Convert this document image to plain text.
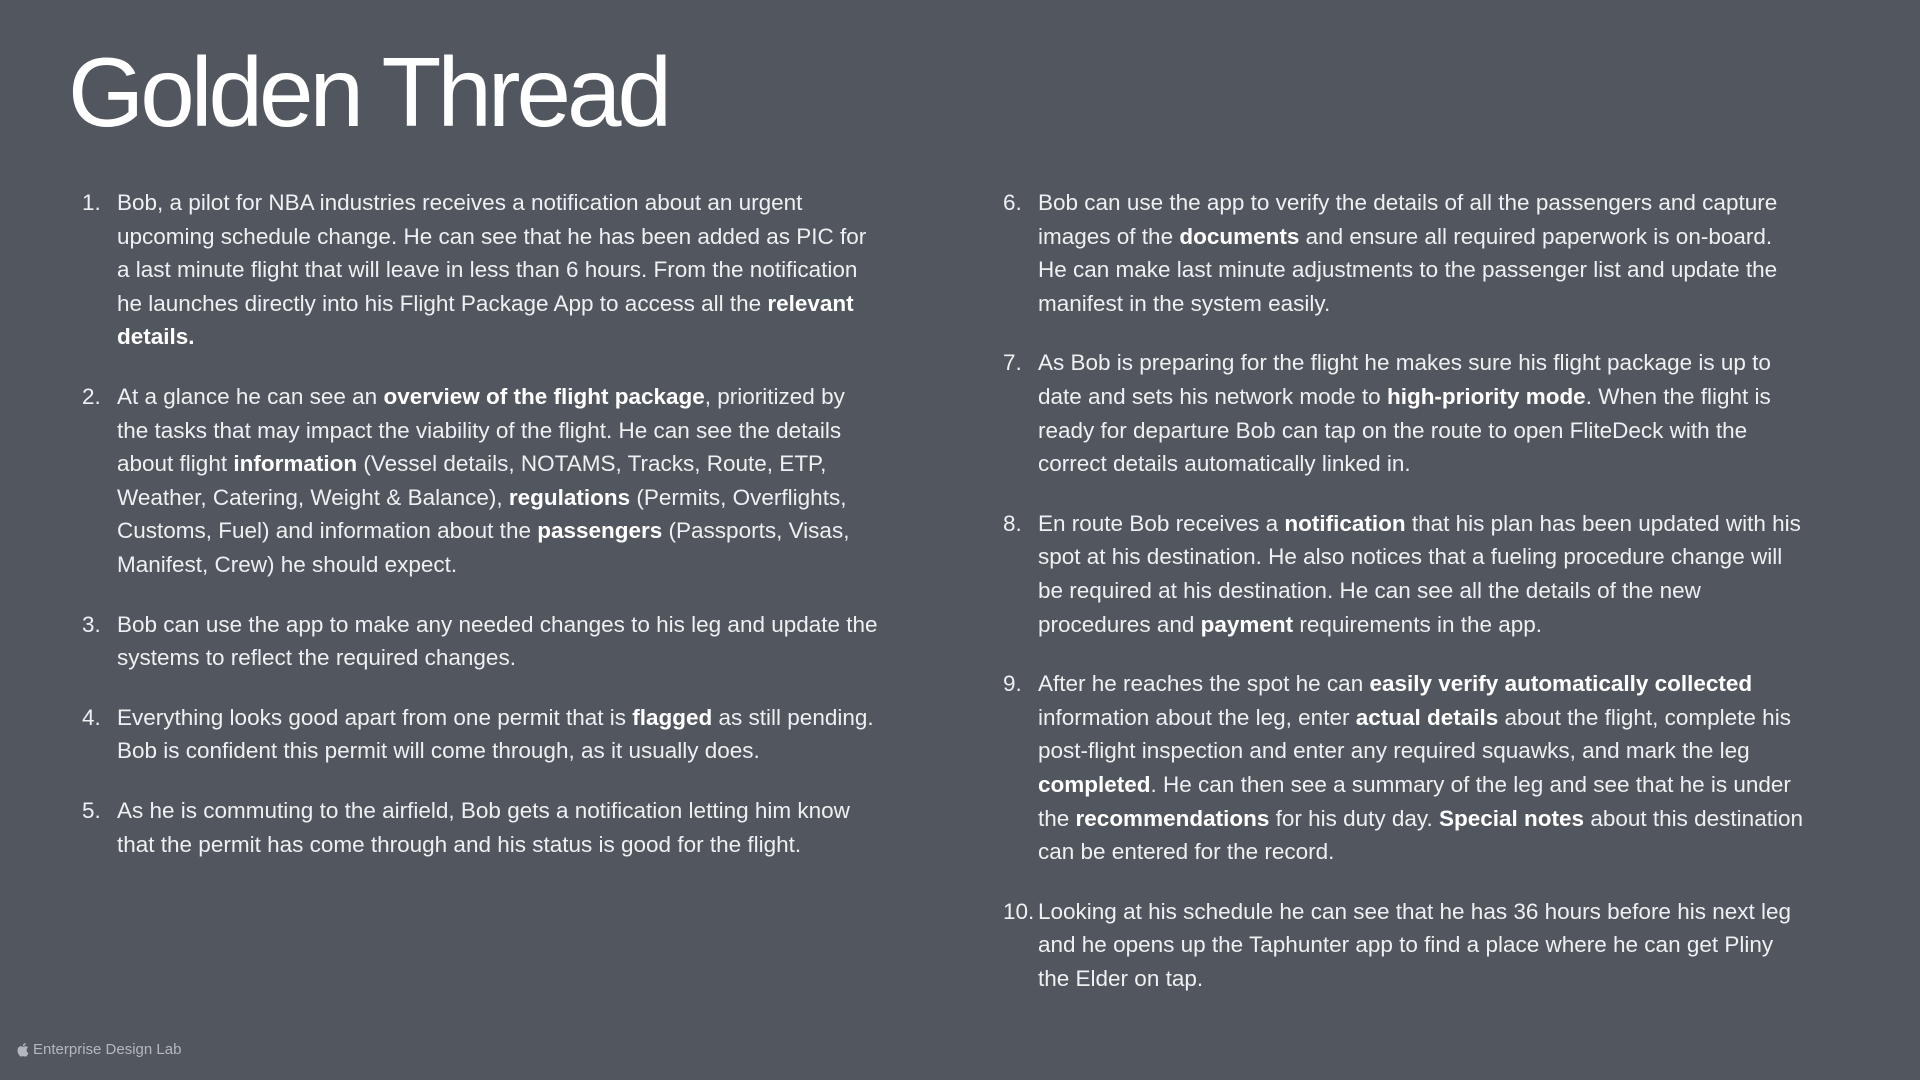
Golden Thread
1. Bob, a pilot for NBA industries receives a notification about an urgent upcoming schedule change. He can see that he has been added as PIC for a last minute flight that will leave in less than 6 hours. From the notification he launches directly into his Flight Package App to access all the relevant details.
2. At a glance he can see an overview of the flight package, prioritized by the tasks that may impact the viability of the flight. He can see the details about flight information (Vessel details, NOTAMS, Tracks, Route, ETP, Weather, Catering, Weight & Balance), regulations (Permits, Overflights, Customs, Fuel) and information about the passengers (Passports, Visas, Manifest, Crew) he should expect.
3. Bob can use the app to make any needed changes to his leg and update the systems to reflect the required changes.
4. Everything looks good apart from one permit that is flagged as still pending. Bob is confident this permit will come through, as it usually does.
5. As he is commuting to the airfield, Bob gets a notification letting him know that the permit has come through and his status is good for the flight.
6. Bob can use the app to verify the details of all the passengers and capture images of the documents and ensure all required paperwork is on-board. He can make last minute adjustments to the passenger list and update the manifest in the system easily.
7. As Bob is preparing for the flight he makes sure his flight package is up to date and sets his network mode to high-priority mode. When the flight is ready for departure Bob can tap on the route to open FliteDeck with the correct details automatically linked in.
8. En route Bob receives a notification that his plan has been updated with his spot at his destination. He also notices that a fueling procedure change will be required at his destination. He can see all the details of the new procedures and payment requirements in the app.
9. After he reaches the spot he can easily verify automatically collected information about the leg, enter actual details about the flight, complete his post-flight inspection and enter any required squawks, and mark the leg completed. He can then see a summary of the leg and see that he is under the recommendations for his duty day. Special notes about this destination can be entered for the record.
10. Looking at his schedule he can see that he has 36 hours before his next leg and he opens up the Taphunter app to find a place where he can get Pliny the Elder on tap.
Enterprise Design Lab
